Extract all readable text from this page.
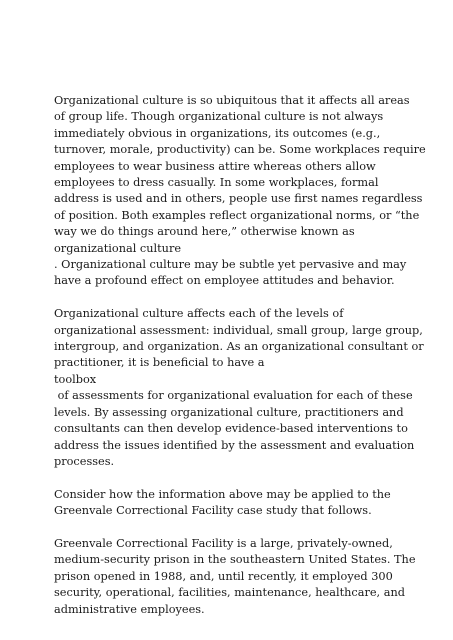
Organizational culture is so ubiquitous that it affects all areas
of group life. Though organizational culture is not always
immediately obvious in organizations, its outcomes (e.g.,
turnover, morale, productivity) can be. Some workplaces require
employees to wear business attire whereas others allow
employees to dress casually. In some workplaces, formal
address is used and in others, people use first names regardless
of position. Both examples reflect organizational norms, or “the
way we do things around here,” otherwise known as
organizational culture
. Organizational culture may be subtle yet pervasive and may
have a profound effect on employee attitudes and behavior.

Organizational culture affects each of the levels of
organizational assessment: individual, small group, large group,
intergroup, and organization. As an organizational consultant or
practitioner, it is beneficial to have a
toolbox
of assessments for organizational evaluation for each of these
levels. By assessing organizational culture, practitioners and
consultants can then develop evidence-based interventions to
address the issues identified by the assessment and evaluation
processes.

Consider how the information above may be applied to the
Greenvale Correctional Facility case study that follows.

Greenvale Correctional Facility is a large, privately-owned,
medium-security prison in the southeastern United States. The
prison opened in 1988, and, until recently, it employed 300
security, operational, facilities, maintenance, healthcare, and
administrative employees.
